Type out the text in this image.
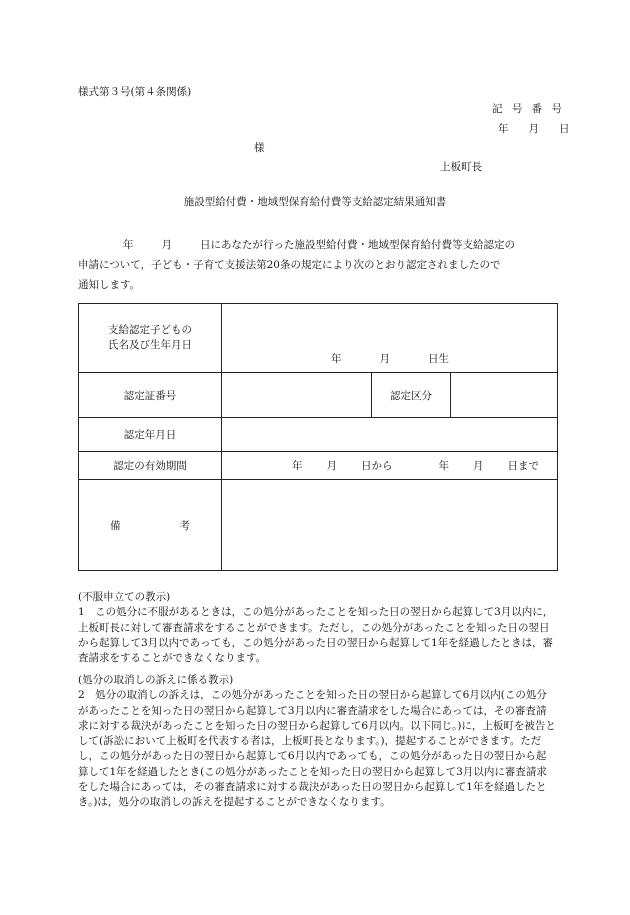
様式第３号(第４条関係)
記 号 番 号
年 月 日
様
上板町長
施設型給付費・地域型保育給付費等支給認定結果通知書
年	月	日にあなたが行った施設型給付費・地域型保育給付費等支給認定の
申請について，子ども・子育て支援法第20条の規定により次のとおり認定されましたので
通知します。
支給認定子どもの
氏名及び生年月日	年 月 日生		

認定証番号		認定区分	
認定年月日			
認定の有効期間	年 月 日から 年 月 日まで		
備　　考			
(不服申立ての教示)
1　この処分に不服があるときは，この処分があったことを知った日の翌日から起算して3月以内に，上板町長に対して審査請求をすることができます。ただし，この処分があったことを知った日の翌日から起算して3月以内であっても，この処分があった日の翌日から起算して1年を経過したときは，審査請求をすることができなくなります。
(処分の取消しの訴えに係る教示)
2　処分の取消しの訴えは，この処分があったことを知った日の翌日から起算して6月以内(この処分があったことを知った日の翌日から起算して3月以内に審査請求をした場合にあっては，その審査請求に対する裁決があったことを知った日の翌日から起算して6月以内。以下同じ。)に，上板町を被告として(訴訟において上板町を代表する者は，上板町長となります。)，提起することができます。ただし，この処分があった日の翌日から起算して6月以内であっても，この処分があった日の翌日から起算して1年を経過したとき(この処分があったことを知った日の翌日から起算して3月以内に審査請求をした場合にあっては，その審査請求に対する裁決があった日の翌日から起算して1年を経過したとき。)は，処分の取消しの訴えを提起することができなくなります。
